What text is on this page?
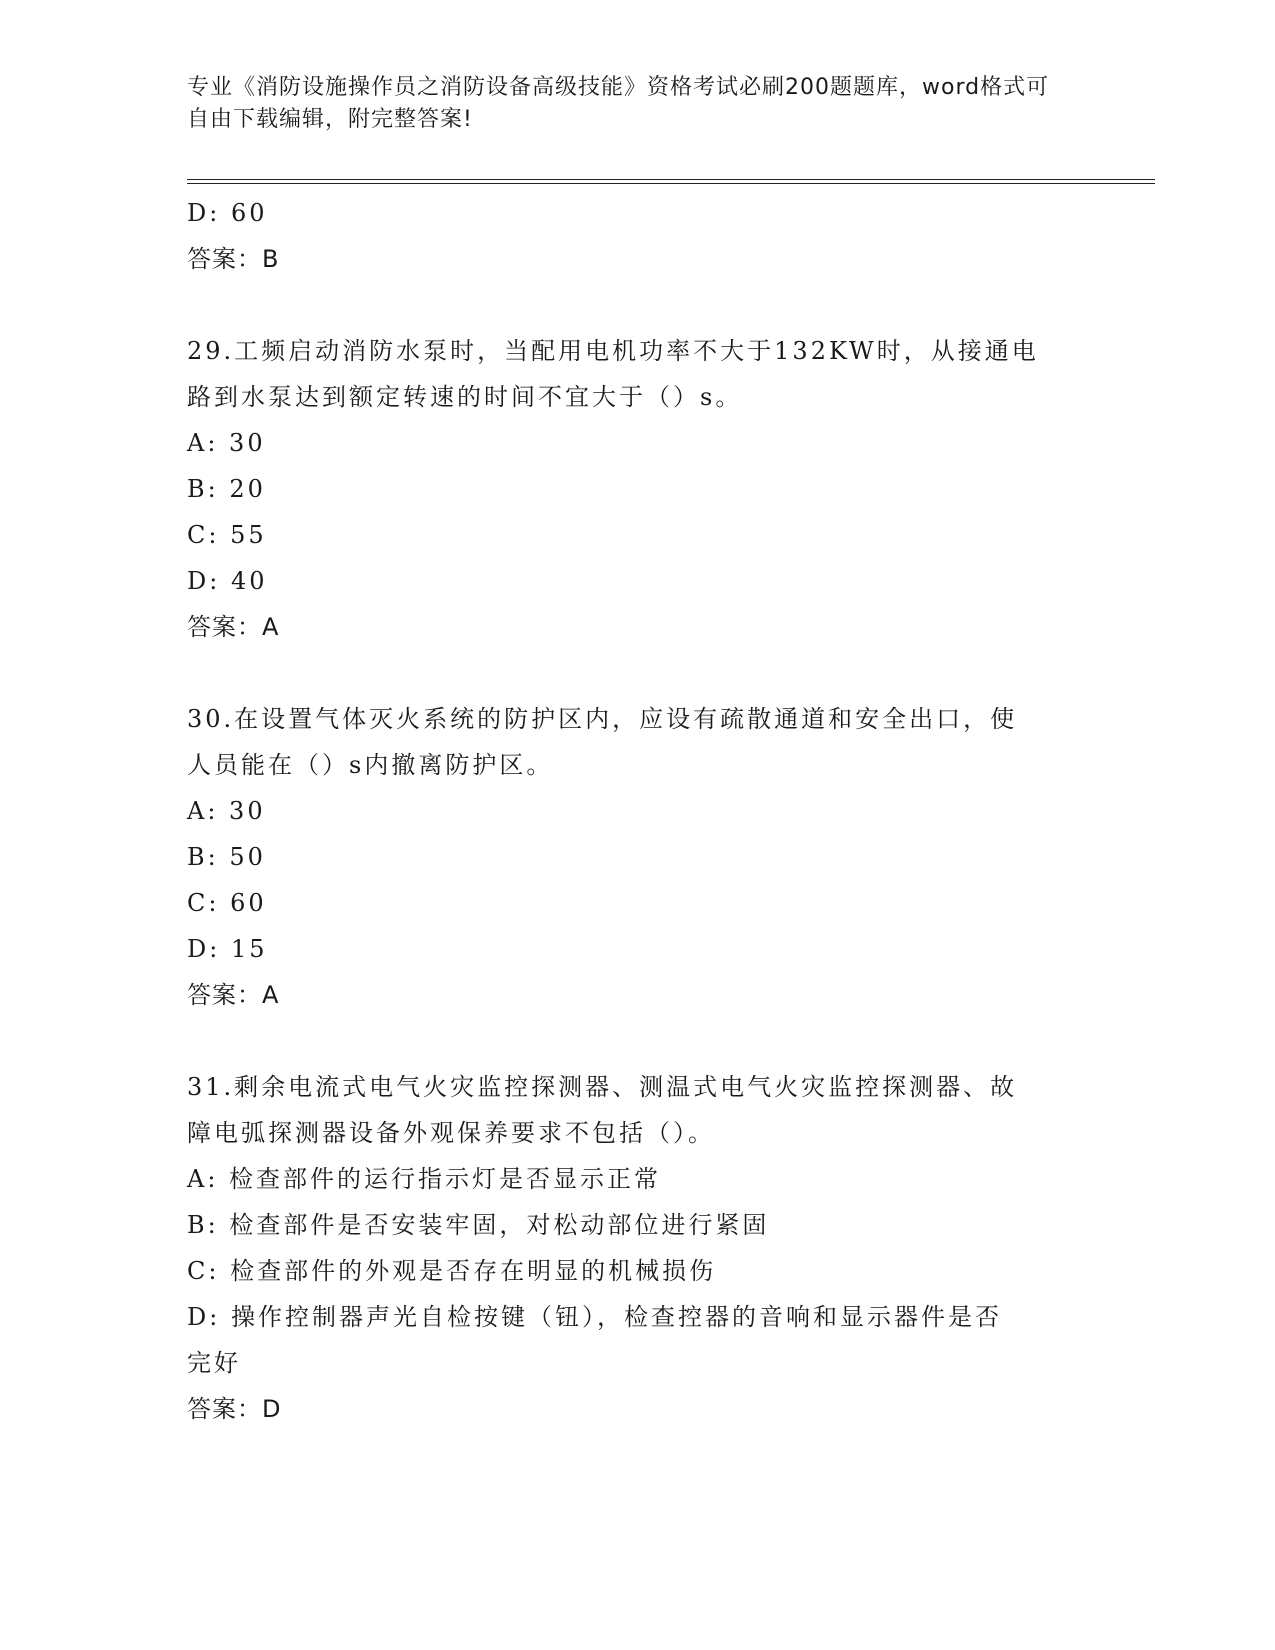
专业《消防设施操作员之消防设备高级技能》资格考试必刷200题题库，word格式可自由下载编辑，附完整答案!
D: 60
答案：B
29.工频启动消防水泵时，当配用电机功率不大于132KW时，从接通电
路到水泵达到额定转速的时间不宜大于（）s。
A: 30
B: 20
C: 55
D: 40
答案：A
30.在设置气体灭火系统的防护区内，应设有疏散通道和安全出口，使
人员能在（）s内撤离防护区。
A: 30
B: 50
C: 60
D: 15
答案：A
31.剩余电流式电气火灾监控探测器、测温式电气火灾监控探测器、故
障电弧探测器设备外观保养要求不包括（）。
A: 检查部件的运行指示灯是否显示正常
B: 检查部件是否安装牢固，对松动部位进行紧固
C: 检查部件的外观是否存在明显的机械损伤
D: 操作控制器声光自检按键（钮），检查控器的音响和显示器件是否
完好
答案：D
